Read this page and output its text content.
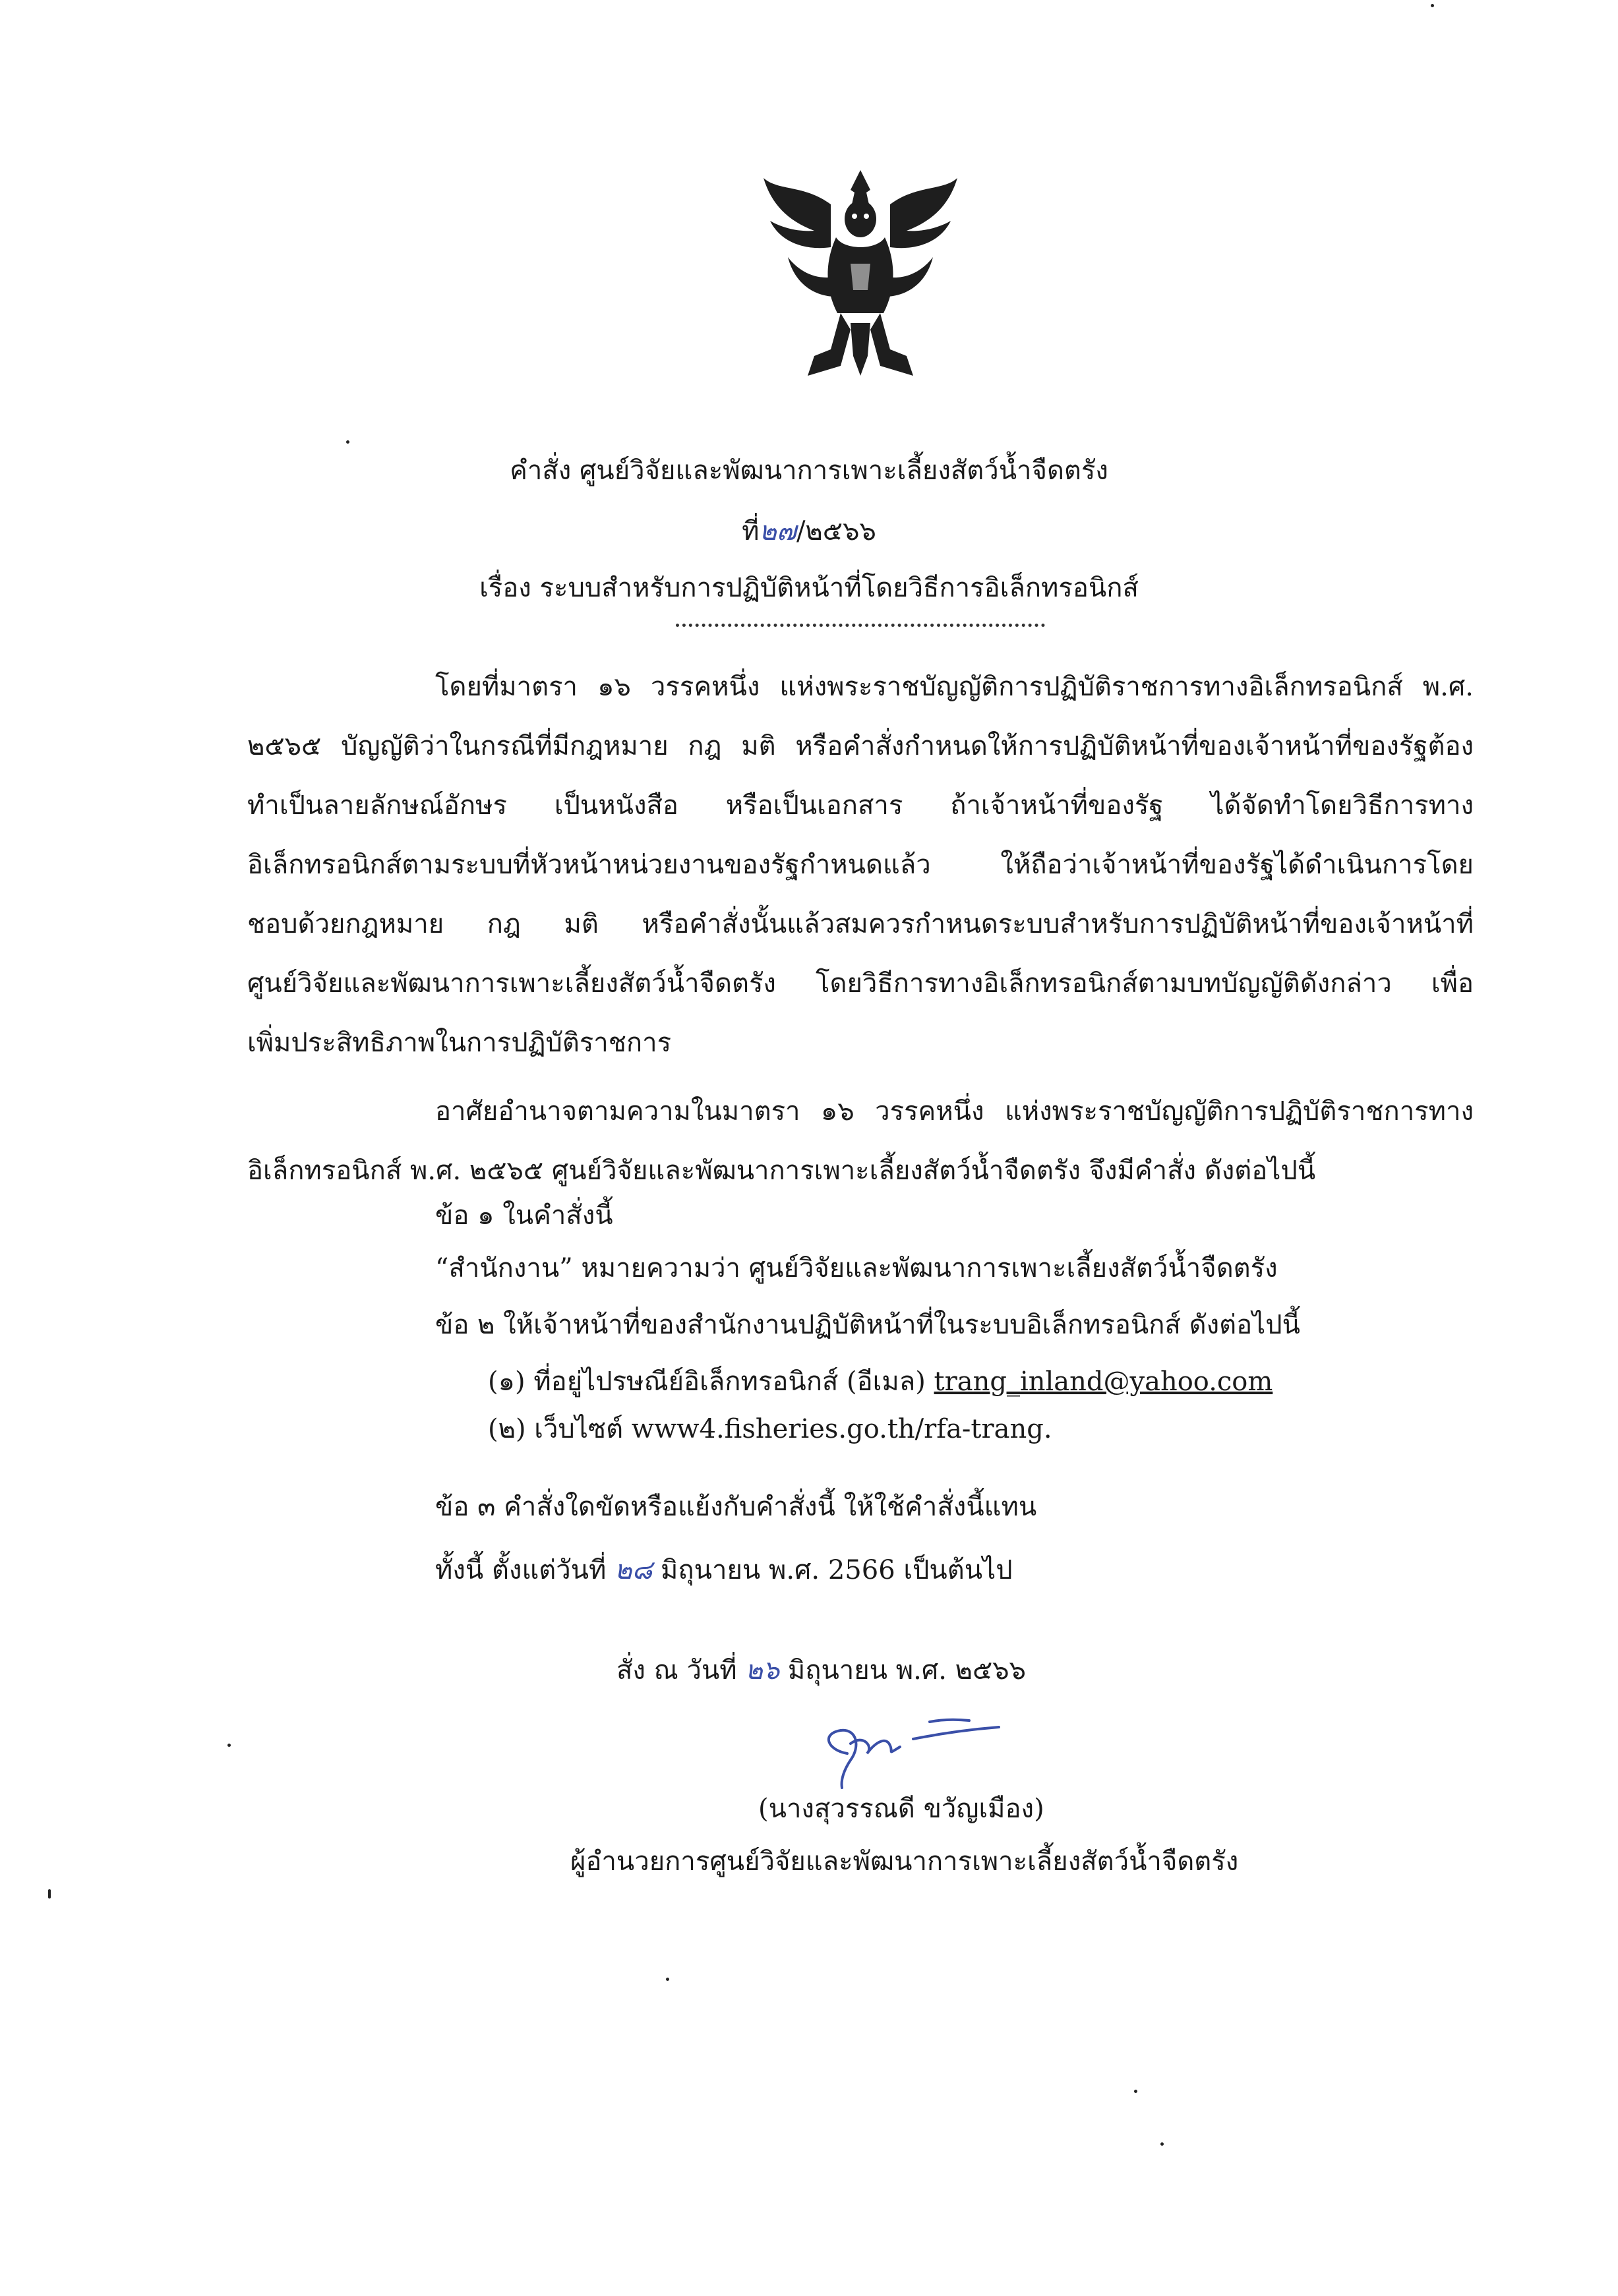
คำสั่ง ศูนย์วิจัยและพัฒนาการเพาะเลี้ยงสัตว์น้ำจืดตรัง
ที่๒๗/๒๕๖๖
เรื่อง ระบบสำหรับการปฏิบัติหน้าที่โดยวิธีการอิเล็กทรอนิกส์
โดยที่มาตรา ๑๖ วรรคหนึ่ง แห่งพระราชบัญญัติการปฏิบัติราชการทางอิเล็กทรอนิกส์ พ.ศ.
๒๕๖๕ บัญญัติว่าในกรณีที่มีกฎหมาย กฎ มติ หรือคำสั่งกำหนดให้การปฏิบัติหน้าที่ของเจ้าหน้าที่ของรัฐต้อง
ทำเป็นลายลักษณ์อักษร เป็นหนังสือ หรือเป็นเอกสาร ถ้าเจ้าหน้าที่ของรัฐ ได้จัดทำโดยวิธีการทาง
อิเล็กทรอนิกส์ตามระบบที่หัวหน้าหน่วยงานของรัฐกำหนดแล้ว ให้ถือว่าเจ้าหน้าที่ของรัฐได้ดำเนินการโดย
ชอบด้วยกฎหมาย กฎ มติ หรือคำสั่งนั้นแล้วสมควรกำหนดระบบสำหรับการปฏิบัติหน้าที่ของเจ้าหน้าที่
ศูนย์วิจัยและพัฒนาการเพาะเลี้ยงสัตว์น้ำจืดตรัง โดยวิธีการทางอิเล็กทรอนิกส์ตามบทบัญญัติดังกล่าว เพื่อ
เพิ่มประสิทธิภาพในการปฏิบัติราชการ
อาศัยอำนาจตามความในมาตรา ๑๖ วรรคหนึ่ง แห่งพระราชบัญญัติการปฏิบัติราชการทาง
อิเล็กทรอนิกส์ พ.ศ. ๒๕๖๕ ศูนย์วิจัยและพัฒนาการเพาะเลี้ยงสัตว์น้ำจืดตรัง จึงมีคำสั่ง ดังต่อไปนี้
ข้อ ๑ ในคำสั่งนี้
“สำนักงาน” หมายความว่า ศูนย์วิจัยและพัฒนาการเพาะเลี้ยงสัตว์น้ำจืดตรัง
ข้อ ๒ ให้เจ้าหน้าที่ของสำนักงานปฏิบัติหน้าที่ในระบบอิเล็กทรอนิกส์ ดังต่อไปนี้
(๑) ที่อยู่ไปรษณีย์อิเล็กทรอนิกส์ (อีเมล) trang_inland@yahoo.com
(๒) เว็บไซต์ www4.fisheries.go.th/rfa-trang.
ข้อ ๓ คำสั่งใดขัดหรือแย้งกับคำสั่งนี้ ให้ใช้คำสั่งนี้แทน
ทั้งนี้ ตั้งแต่วันที่ ๒๘ มิถุนายน พ.ศ. 2566 เป็นต้นไป
สั่ง ณ วันที่ ๒๖ มิถุนายน พ.ศ. ๒๕๖๖
(นางสุวรรณดี ขวัญเมือง)
ผู้อำนวยการศูนย์วิจัยและพัฒนาการเพาะเลี้ยงสัตว์น้ำจืดตรัง
